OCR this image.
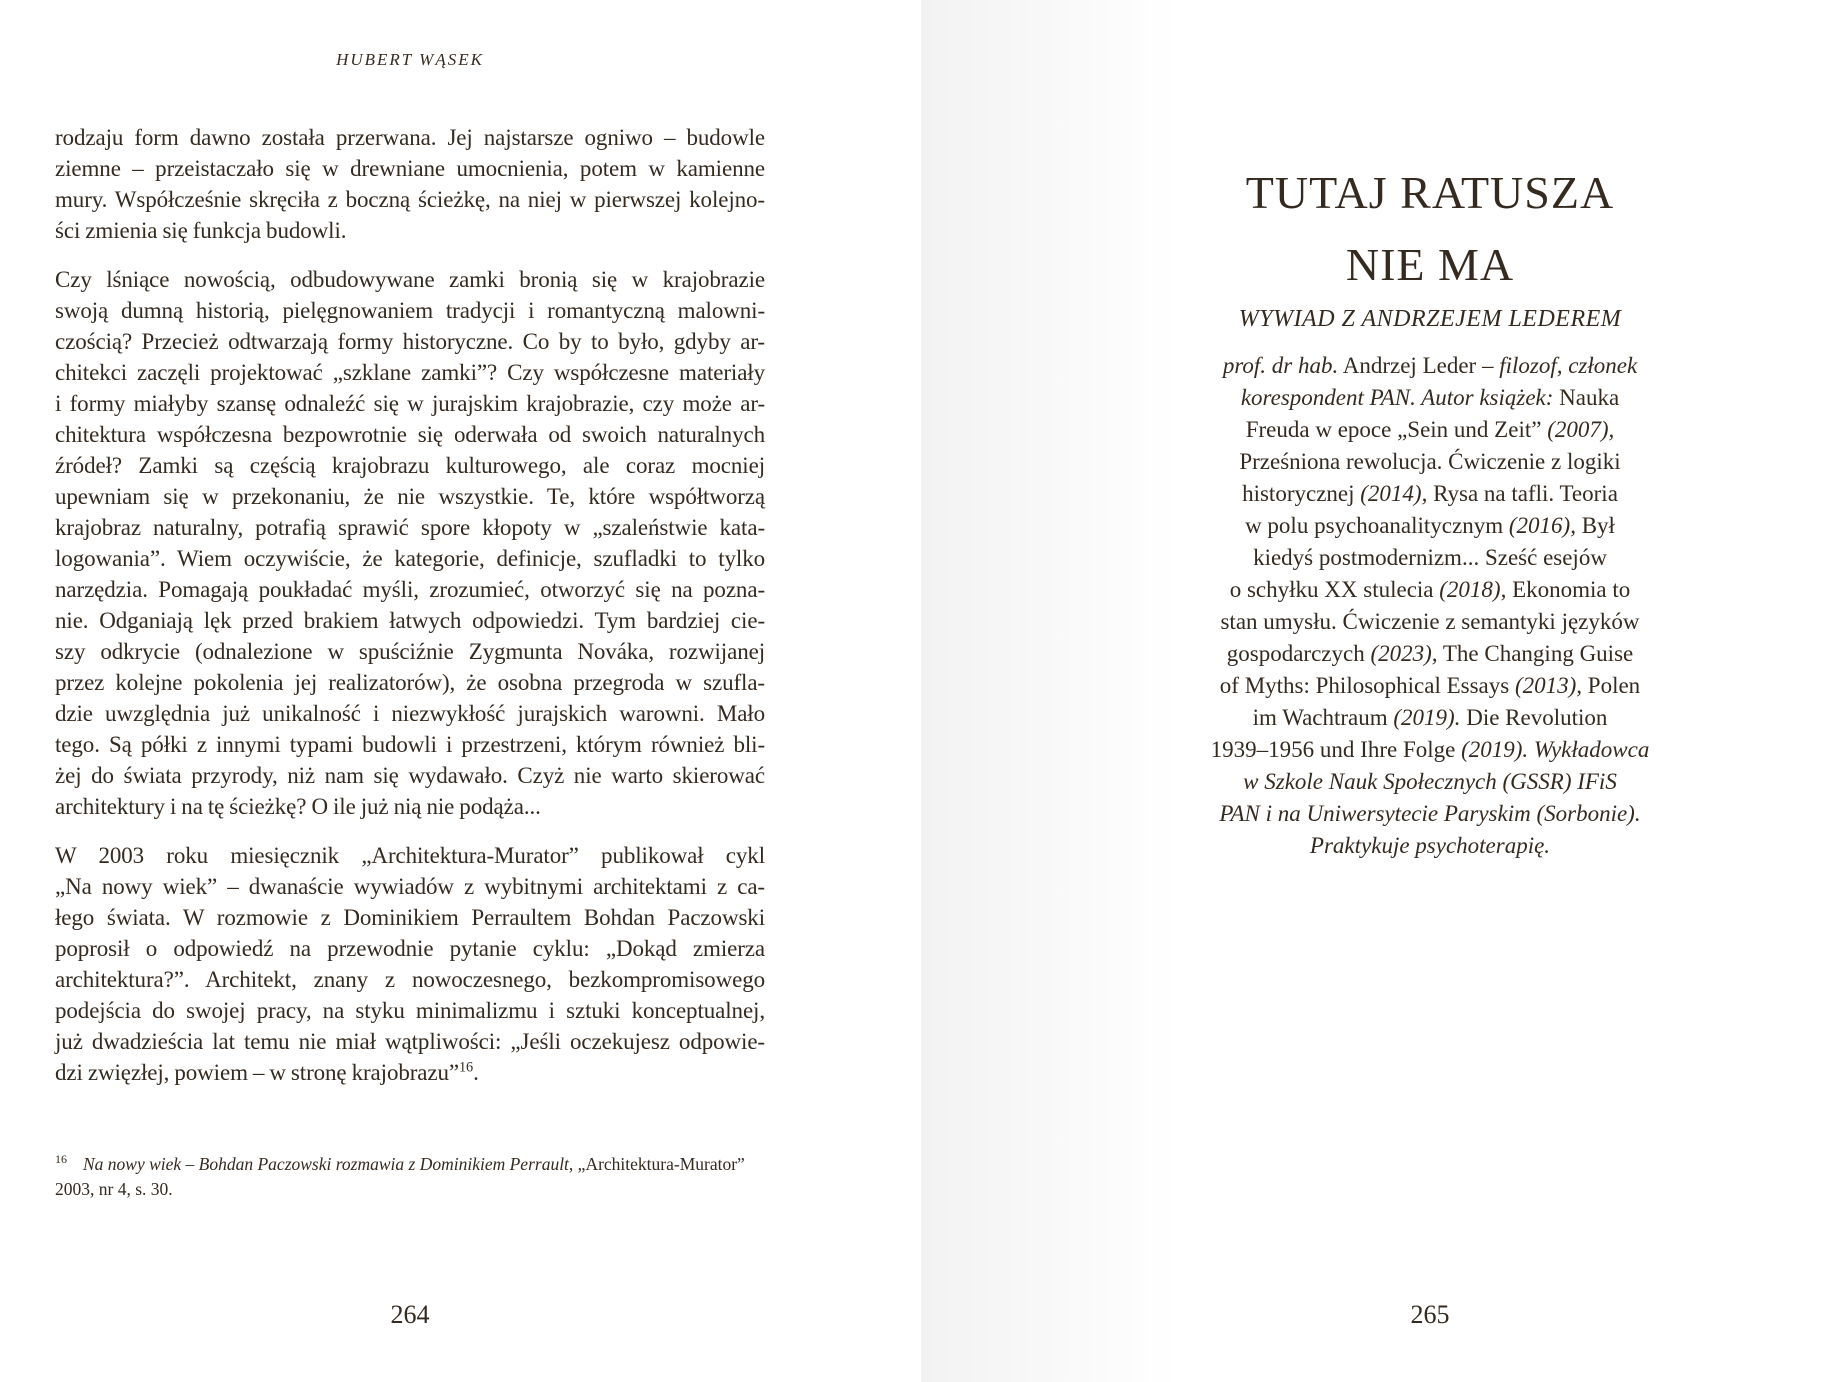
HUBERT WĄSEK
rodzaju form dawno została przerwana. Jej najstarsze ogniwo – budowle
ziemne – przeistaczało się w drewniane umocnienia, potem w kamienne
mury. Współcześnie skręciła z boczną ścieżkę, na niej w pierwszej kolejno-
ści zmienia się funkcja budowli.
Czy lśniące nowością, odbudowywane zamki bronią się w krajobrazie
swoją dumną historią, pielęgnowaniem tradycji i romantyczną malowni-
czością? Przecież odtwarzają formy historyczne. Co by to było, gdyby ar-
chitekci zaczęli projektować „szklane zamki”? Czy współczesne materiały
i formy miałyby szansę odnaleźć się w jurajskim krajobrazie, czy może ar-
chitektura współczesna bezpowrotnie się oderwała od swoich naturalnych
źródeł? Zamki są częścią krajobrazu kulturowego, ale coraz mocniej
upewniam się w przekonaniu, że nie wszystkie. Te, które współtworzą
krajobraz naturalny, potrafią sprawić spore kłopoty w „szaleństwie kata-
logowania”. Wiem oczywiście, że kategorie, definicje, szufladki to tylko
narzędzia. Pomagają poukładać myśli, zrozumieć, otworzyć się na pozna-
nie. Odganiają lęk przed brakiem łatwych odpowiedzi. Tym bardziej cie-
szy odkrycie (odnalezione w spuściźnie Zygmunta Nováka, rozwijanej
przez kolejne pokolenia jej realizatorów), że osobna przegroda w szufla-
dzie uwzględnia już unikalność i niezwykłość jurajskich warowni. Mało
tego. Są półki z innymi typami budowli i przestrzeni, którym również bli-
żej do świata przyrody, niż nam się wydawało. Czyż nie warto skierować
architektury i na tę ścieżkę? O ile już nią nie podąża...
W 2003 roku miesięcznik „Architektura-Murator” publikował cykl
„Na nowy wiek” – dwanaście wywiadów z wybitnymi architektami z ca-
łego świata. W rozmowie z Dominikiem Perraultem Bohdan Paczowski
poprosił o odpowiedź na przewodnie pytanie cyklu: „Dokąd zmierza
architektura?”. Architekt, znany z nowoczesnego, bezkompromisowego
podejścia do swojej pracy, na styku minimalizmu i sztuki konceptualnej,
już dwadzieścia lat temu nie miał wątpliwości: „Jeśli oczekujesz odpowie-
dzi zwięzłej, powiem – w stronę krajobrazu”$^{16}$.
$^{16}$ Na nowy wiek – Bohdan Paczowski rozmawia z Dominikiem Perrault, „Architektura-Murator” 2003, nr 4, s. 30.
264
TUTAJ RATUSZA
NIE MA
WYWIAD Z ANDRZEJEM LEDEREM
prof. dr hab. Andrzej Leder – filozof, członek
korespondent PAN. Autor książek: Nauka
Freuda w epoce „Sein und Zeit” (2007),
Prześniona rewolucja. Ćwiczenie z logiki
historycznej (2014), Rysa na tafli. Teoria
w polu psychoanalitycznym (2016), Był
kiedyś postmodernizm... Sześć esejów
o schyłku XX stulecia (2018), Ekonomia to
stan umysłu. Ćwiczenie z semantyki języków
gospodarczych (2023), The Changing Guise
of Myths: Philosophical Essays (2013), Polen
im Wachtraum (2019). Die Revolution
1939–1956 und Ihre Folge (2019). Wykładowca
w Szkole Nauk Społecznych (GSSR) IFiS
PAN i na Uniwersytecie Paryskim (Sorbonie).
Praktykuje psychoterapię.
265
